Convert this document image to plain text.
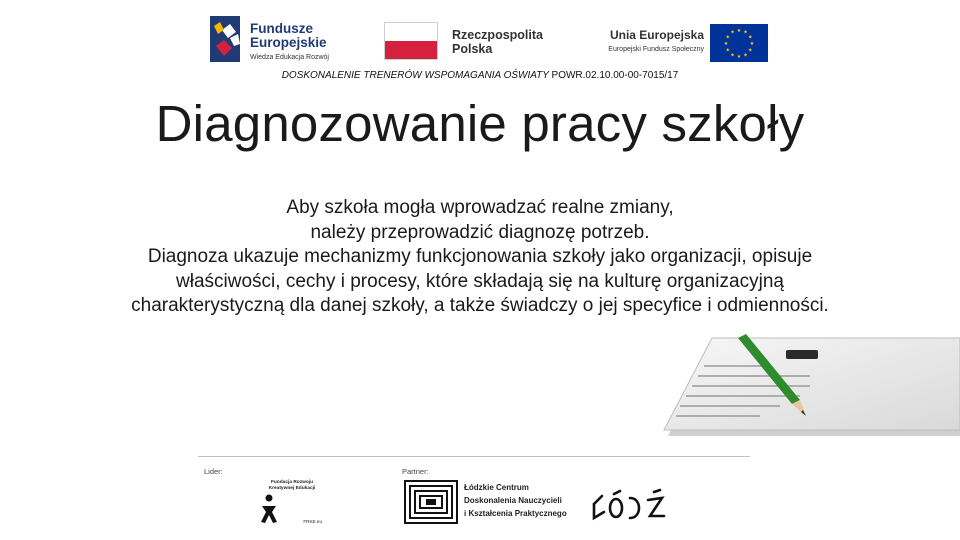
Fundusze
Europejskie
Wiedza Edukacja Rozwój
Rzeczpospolita
Polska
Unia Europejska
Europejski Fundusz Społeczny
★ ★
★
★
★
★
★
★
★
★
★
★
DOSKONALENIE TRENERÓW WSPOMAGANIA OŚWIATY POWR.02.10.00-00-7015/17
Diagnozowanie pracy szkoły

Aby szkoła mogła wprowadzać realne zmiany,

należy przeprowadzić diagnozę potrzeb.

Diagnoza ukazuje mechanizmy funkcjonowania szkoły jako organizacji, opisuje właściwości, cechy i procesy, które składają się na kulturę organizacyjną charakterystyczną dla danej szkoły, a także świadczy o jej specyfice i odmienności.

Lider:	Partner:
Fundacja Rozwoju
Kreatywnej Edukacji
FRKE.eu
Łódzkie Centrum
Doskonalenia Nauczycieli
i Kształcenia Praktycznego
